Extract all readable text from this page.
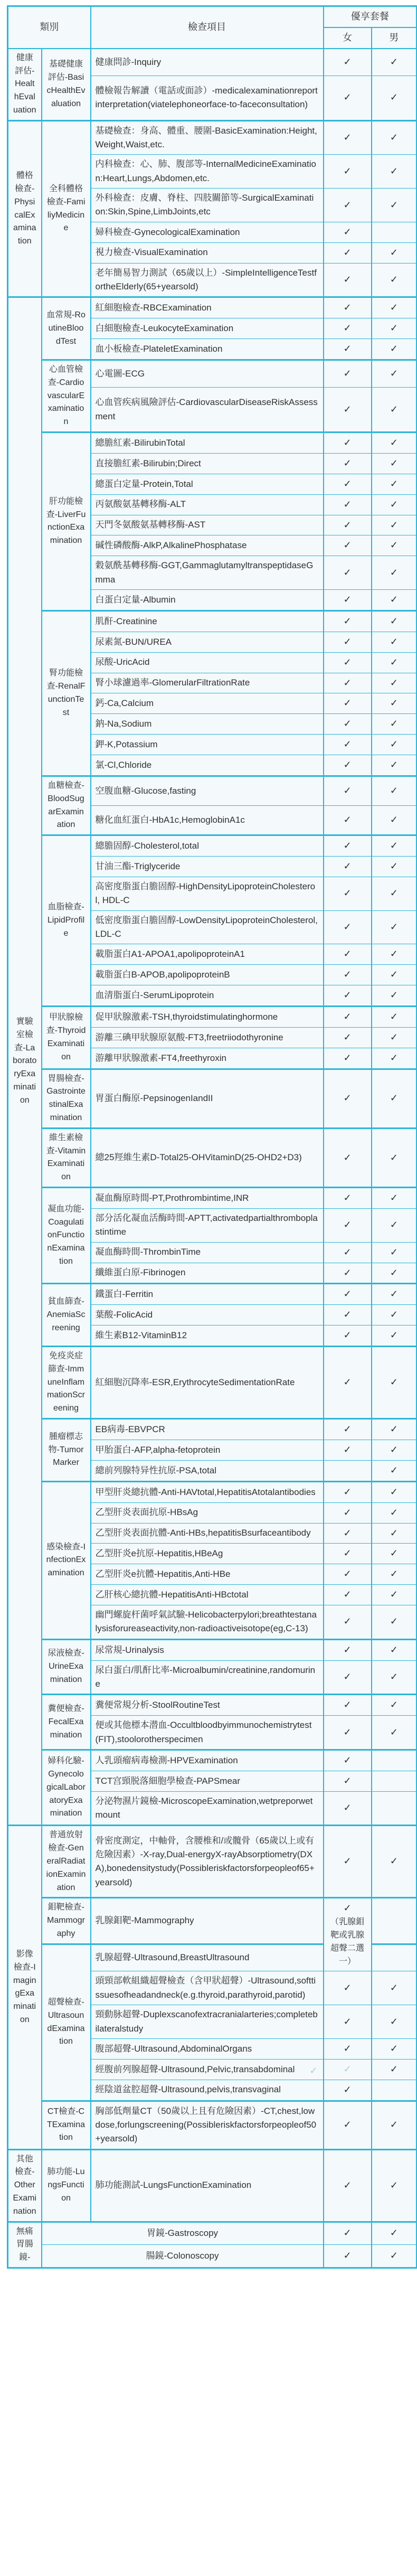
類別		檢查項目	優享套餐	
			女	男
健康評估-HealthEvaluation	基礎健康評估-BasicHealthEvaluation	健康問診-Inquiry	✓	✓
		體檢報告解讀（電話或面診）-medicalexaminationreportinterpretation(viatelephoneorface-to-faceconsultation)	✓	✓
體格檢查-PhysicalExamination	全科體格檢查-FamiliyMedicine	基礎檢查：身高、體重、腰圍-BasicExamination:Height,Weight,Waist,etc.	✓	✓
		内科檢查：心、肺、腹部等-InternalMedicineExamination:Heart,Lungs,Abdomen,etc.	✓	✓
		外科檢查：皮膚、脊柱、四肢關節等-SurgicalExamination:Skin,Spine,LimbJoints,etc	✓	✓
		婦科檢查-GynecologicalExamination	✓	
		視力檢查-VisualExamination	✓	✓
		老年簡易智力測試（65歲以上）-SimpleIntelligenceTestfortheElderly(65+yearsold)	✓	✓
實驗室檢查-LaboratoryExamination	血常規-RoutineBloodTest	紅細胞檢查-RBCExamination	✓	✓
		白細胞檢查-LeukocyteExamination	✓	✓
		血小板檢查-PlateletExamination	✓	✓
	心血管檢查-CardiovascularExamination	心電圖-ECG	✓	✓
		心血管疾病風險評估-CardiovascularDiseaseRiskAssessment	✓	✓
	肝功能檢查-LiverFunctionExamination	總膽紅素-BilirubinTotal	✓	✓
		直接膽紅素-Bilirubin;Direct	✓	✓
		總蛋白定量-Protein,Total	✓	✓
		丙氨酸氨基轉移酶-ALT	✓	✓
		天門冬氨酸氨基轉移酶-AST	✓	✓
		碱性磷酸酶-AlkP,AlkalinePhosphatase	✓	✓
		穀氨酰基轉移酶-GGT,GammaglutamyltranspeptidaseGmma	✓	✓
		白蛋白定量-Albumin	✓	✓
	腎功能檢查-RenalFunctionTest	肌酐-Creatinine	✓	✓
		尿素氮-BUN/UREA	✓	✓
		尿酸-UricAcid	✓	✓
		腎小球濾過率-GlomerularFiltrationRate	✓	✓
		鈣-Ca,Calcium	✓	✓
		鈉-Na,Sodium	✓	✓
		鉀-K,Potassium	✓	✓
		氯-Cl,Chloride	✓	✓
	血糖檢查-BloodSugarExamination	空腹血糖-Glucose,fasting	✓	✓
		糖化血紅蛋白-HbA1c,HemoglobinA1c	✓	✓
	血脂檢查-LipidProfile	總膽固醇-Cholesterol,total	✓	✓
		甘油三酯-Triglyceride	✓	✓
		高密度脂蛋白膽固醇-HighDensityLipoproteinCholesterol, HDL-C	✓	✓
		低密度脂蛋白膽固醇-LowDensityLipoproteinCholesterol, LDL-C	✓	✓
		載脂蛋白A1-APOA1,apolipoproteinA1	✓	✓
		載脂蛋白B-APOB,apolipoproteinB	✓	✓
		血清脂蛋白-SerumLipoprotein	✓	✓
	甲狀腺檢查-ThyroidExamination	促甲狀腺激素-TSH,thyroidstimulatinghormone	✓	✓
		游離三碘甲狀腺原氨酸-FT3,freetriiodothyronine	✓	✓
		游離甲狀腺激素-FT4,freethyroxin	✓	✓
	胃腸檢查-GastrointestinalExamination	胃蛋白酶原-PepsinogenIandII	✓	✓
	維生素檢查-VitaminExamination	總25羥維生素D-Total25-OHVitaminD(25-OHD2+D3)	✓	✓
	凝血功能-CoagulationFunctionExamination	凝血酶原時間-PT,Prothrombintime,INR	✓	✓
		部分活化凝血活酶時間-APTT,activatedpartialthromboplastintime	✓	✓
		凝血酶時間-ThrombinTime	✓	✓
		纖維蛋白原-Fibrinogen	✓	✓
	貧血篩查-AnemiaScreening	鐵蛋白-Ferritin	✓	✓
		葉酸-FolicAcid	✓	✓
		維生素B12-VitaminB12	✓	✓
	免疫炎症篩查-ImmuneInflammationScreening	紅細胞沉降率-ESR,ErythrocyteSedimentationRate	✓	✓
	腫瘤標志物-TumorMarker	EB病毒-EBVPCR	✓	✓
		甲胎蛋白-AFP,alpha-fetoprotein	✓	✓
		總前列腺特异性抗原-PSA,total		✓
	感染檢查-InfectionExamination	甲型肝炎總抗體-Anti-HAVtotal,HepatitisAtotalantibodies	✓	✓
		乙型肝炎表面抗原-HBsAg	✓	✓
		乙型肝炎表面抗體-Anti-HBs,hepatitisBsurfaceantibody	✓	✓
		乙型肝炎e抗原-Hepatitis,HBeAg	✓	✓
		乙型肝炎e抗體-Hepatitis,Anti-HBe	✓	✓
		乙肝核心總抗體-HepatitisAnti-HBctotal	✓	✓
		幽門螺旋杆菌呼氣試驗-Helicobacterpylori;breathtestanalysisforureaseactivity,non-radioactiveisotope(eg,C-13)	✓	✓
	尿液檢查-UrineExamination	尿常規-Urinalysis	✓	✓
		尿白蛋白/肌酐比率-Microalbumin/creatinine,randomurine	✓	✓
	糞便檢查-FecalExamination	糞便常規分析-StoolRoutineTest	✓	✓
		便或其他標本潜血-Occultbloodbyimmunochemistrytest(FIT),stoolorotherspecimen	✓	✓
	婦科化驗-GynecologicalLaboratoryExamination	人乳頭瘤病毒檢測-HPVExamination	✓	
		TCT宫頸脱落細胞學檢查-PAPSmear	✓	
		分泌物濕片鏡檢-MicroscopeExamination,wetpreporwetmount	✓	
影像檢查-ImagingExamination	普通放射檢查-GeneralRadiationExamination	骨密度測定，中軸骨，含腰椎和/或髖骨（65歲以上或有危險因素）-X-ray,Dual-energyX-rayAbsorptiometry(DXA),bonedensitystudy(Possibleriskfactorsforpeopleof65+yearsold)	✓	✓
	鉬靶檢查-Mammography	乳腺鉬靶-Mammography	✓
（乳腺鉬靶或乳腺超聲二選一）	

	超聲檢查-UltrasoundExamination	乳腺超聲-Ultrasound,BreastUltrasound		
		頭頸部軟組織超聲檢查（含甲狀超聲）-Ultrasound,softtissuesofheadandneck(e.g.thyroid,parathyroid,parotid)	✓	✓
		頸動脉超聲-Duplexscanofextracranialarteries;completebilateralstudy	✓	✓
		腹部超聲-Ultrasound,AbdominalOrgans	✓	✓
		經腹前列腺超聲-Ultrasound,Pelvic,transabdominal ✓	✓	✓
		經陰道盆腔超聲-Ultrasound,pelvis,transvaginal	✓	
	CT檢查-CTExamination	胸部低劑量CT（50歲以上且有危險因素）-CT,chest,lowdose,forlungscreening(Possibleriskfactorsforpeopleof50+yearsold)	✓	✓
其他檢查-OtherExamination	肺功能-LungsFunction	肺功能測試-LungsFunctionExamination	✓	✓
無痛胃腸鏡-	胃鏡-Gastroscopy		✓	✓
	腸鏡-Colonoscopy		✓	✓
